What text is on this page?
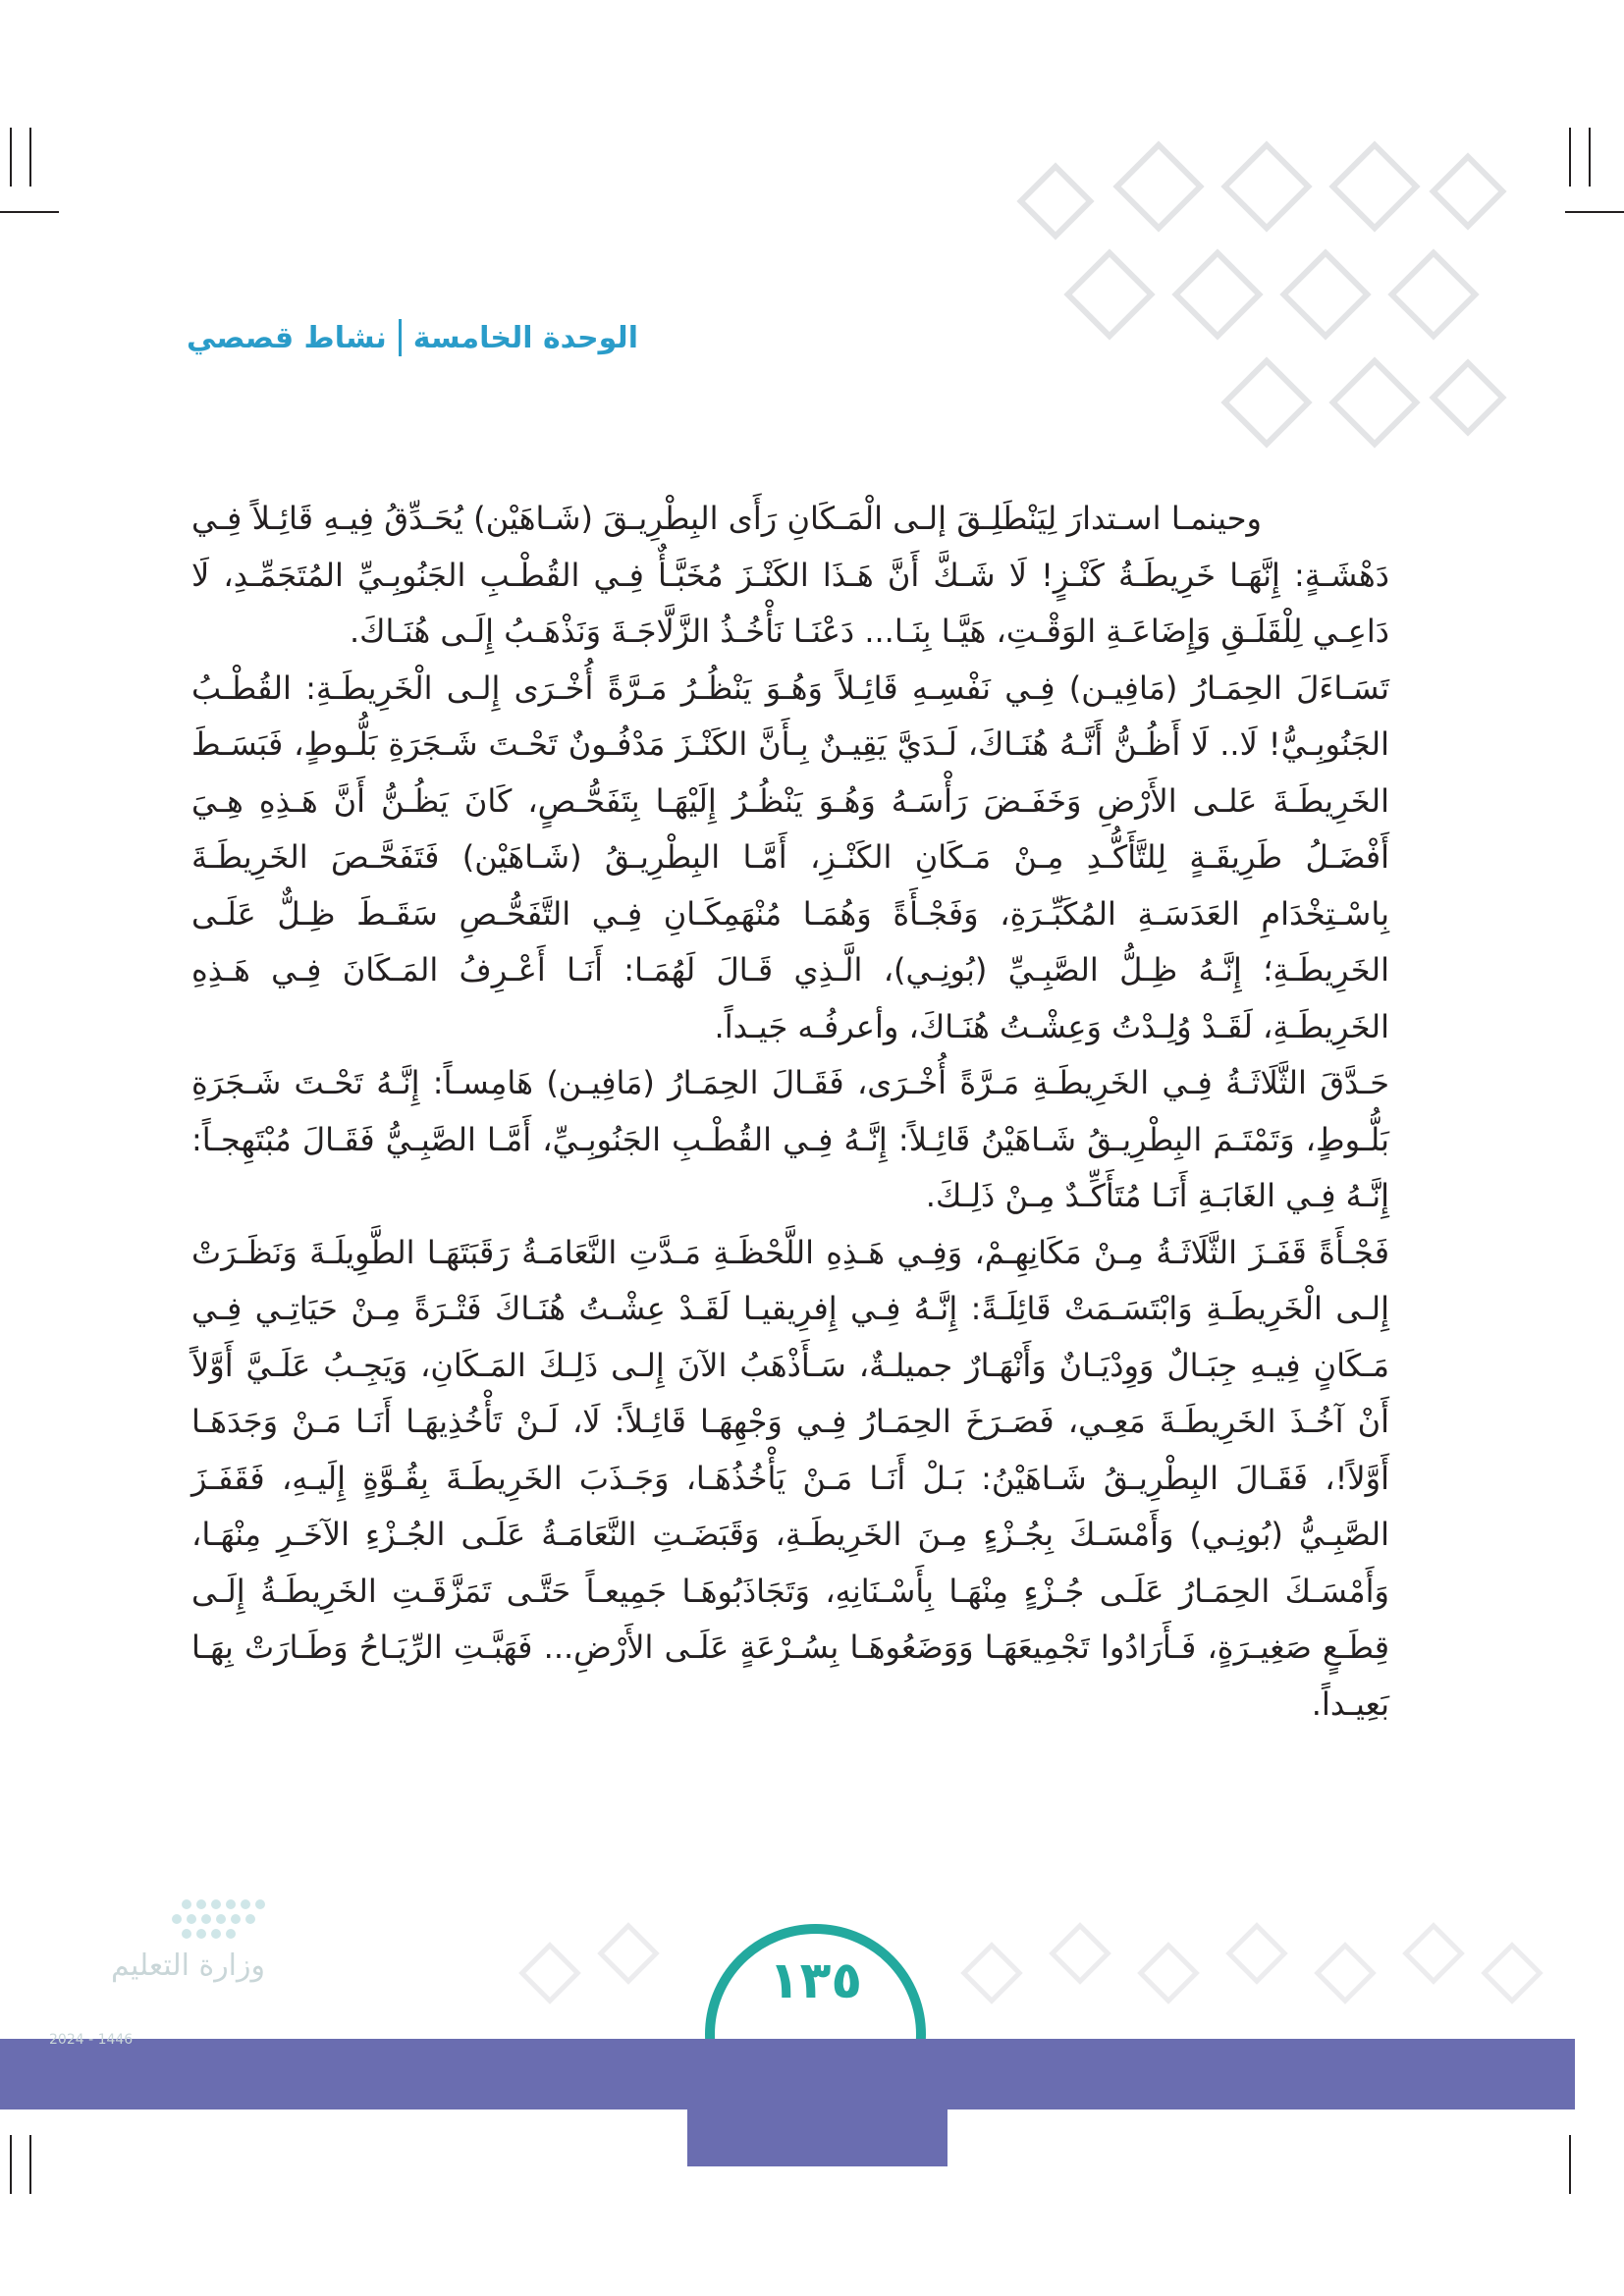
الوحدة الخامسة
نشاط قصصي

وحينمـا اسـتدارَ لِيَنْطَلِـقَ إلـى الْمَـكَانِ رَأَى البِطْرِيـقَ (شَـاهَيْن) يُحَـدِّقُ فِيـهِ قَائِـلاً فِـي دَهْشَـةٍ: إِنَّهَـا خَرِيطَـةُ كَنْـزٍ! لَا شَـكَّ أَنَّ هَـذَا الكَنْـزَ مُخَبَّـأٌ فِـي القُطْـبِ الجَنُوبِـيِّ المُتَجَمِّـدِ، لَا دَاعِـي لِلْقَلَـقِ وَإِضَاعَـةِ الوَقْـتِ، هَيَّـا بِنَـا... دَعْنَـا نَأْخُـذُ الزَّلَّاجَـةَ وَنَذْهَـبُ إِلَـى هُنَـاكَ.

تَسَـاءَلَ الحِمَـارُ (مَافِيـن) فِـي نَفْسِـهِ قَائِـلاً وَهُـوَ يَنْظُـرُ مَـرَّةً أُخْـرَى إِلـى الْخَرِيطَـةِ: القُطْـبُ الجَنُوبِـيُّ! لَا.. لَا أَظُـنُّ أَنَّـهُ هُنَـاكَ، لَـدَيَّ يَقِيـنٌ بِـأَنَّ الكَنْـزَ مَدْفُـونٌ تَحْـتَ شَـجَرَةِ بَلُّـوطٍ، فَبَسَـطَ الخَرِيطَـةَ عَلـى الأَرْضِ وَخَفَـضَ رَأْسَـهُ وَهُـوَ يَنْظُـرُ إِلَيْهَـا بِتَفَحُّـصٍ، كَانَ يَظُـنُّ أَنَّ هَـذِهِ هِـيَ أَفْضَـلُ طَرِيقَـةٍ لِلتَّأَكُّـدِ مِـنْ مَـكَانِ الكَنْـزِ، أَمَّـا البِطْرِيـقُ (شَـاهَيْن) فَتَفَحَّـصَ الخَرِيطَـةَ بِاسْـتِخْدَامِ العَدَسَـةِ المُكَبِّـرَةِ، وَفَجْـأَةً وَهُمَـا مُنْهَمِكَـانِ فِـي التَّفَحُّـصِ سَقَـطَ ظِـلٌّ عَلَـى الخَرِيطَـةِ؛ إِنَّـهُ ظِـلُّ الصَّبِـيِّ (بُونِـي)، الَّـذِي قَـالَ لَهُمَـا: أَنَـا أَعْـرِفُ المَـكَانَ فِـي هَـذِهِ الخَرِيطَـةِ، لَقَـدْ وُلِـدْتُ وَعِشْـتُ هُنَـاكَ، وأعرفُـه جَيـداً.

حَـدَّقَ الثَّلَاثَـةُ فِـي الخَرِيطَـةِ مَـرَّةً أُخْـرَى، فَقَـالَ الحِمَـارُ (مَافِيـن) هَامِسـاً: إِنَّـهُ تَحْـتَ شَـجَرَةِ بَلُّـوطٍ، وَتَمْتَـمَ البِطْرِيـقُ شَـاهَيْنُ قَائِـلاً: إِنَّـهُ فِـي القُطْـبِ الجَنُوبِـيِّ، أَمَّـا الصَّبِـيُّ فَقَـالَ مُبْتَهِجـاً: إِنَّـهُ فِـي الغَابَـةِ أَنَـا مُتَأَكِّـدٌ مِـنْ ذَلِـكَ.

فَجْـأَةً قَفَـزَ الثَّلَاثَـةُ مِـنْ مَكَانِهِـمْ، وَفِـي هَـذِهِ اللَّحْظَـةِ مَـدَّتِ النَّعَامَـةُ رَقَبَتَهَـا الطَّوِيلَـةَ وَنَظَـرَتْ إِلـى الْخَرِيطَـةِ وَابْتَسَـمَتْ قَائِلَـةً: إِنَّـهُ فِـي إِفرِيقيـا لَقَـدْ عِشْـتُ هُنَـاكَ فَتْـرَةً مِـنْ حَيَاتِـي فِـي مَـكَانٍ فِيـهِ جِبَـالٌ وَوِدْيَـانٌ وَأَنْهَـارٌ جميلـةٌ، سَـأَذْهَبُ الآنَ إِلـى ذَلِـكَ المَـكَانِ، وَيَجِـبُ عَلَـيَّ أَوَّلاً أَنْ آخُـذَ الخَرِيطَـةَ مَعِـي، فَصَـرَخَ الحِمَـارُ فِـي وَجْهِهَـا قَائِـلاً: لَا، لَـنْ تَأْخُذِيهَـا أَنَـا مَـنْ وَجَدَهَـا أَوَّلاً!، فَقَـالَ البِطْرِيـقُ شَـاهَيْنُ: بَـلْ أَنَـا مَـنْ يَأْخُذُهَـا، وَجَـذَبَ الخَرِيطَـةَ بِقُـوَّةٍ إِلَيـهِ، فَقَفَـزَ الصَّبِـيُّ (بُونِـي) وَأَمْسَـكَ بِجُـزْءٍ مِـنَ الخَرِيطَـةِ، وَقَبَضَـتِ النَّعَامَـةُ عَلَـى الجُـزْءِ الآخَـرِ مِنْهَـا، وَأَمْسَـكَ الحِمَـارُ عَلَـى جُـزْءٍ مِنْهَـا بِأَسْـنَانِهِ، وَتَجَاذَبُوهَـا جَمِيعـاً حَتَّـى تَمَزَّقَـتِ الخَرِيطَـةُ إِلَـى قِطَـعٍ صَغِيـرَةٍ، فَـأَرَادُوا تَجْمِيعَهَـا وَوَضَعُوهَـا بِسُـرْعَةٍ عَلَـى الأَرْضِ... فَهَبَّـتِ الرِّيَـاحُ وَطَـارَتْ بِهَـا بَعِيـداً.

١٣٥
وزارة التعليم
2024 - 1446
